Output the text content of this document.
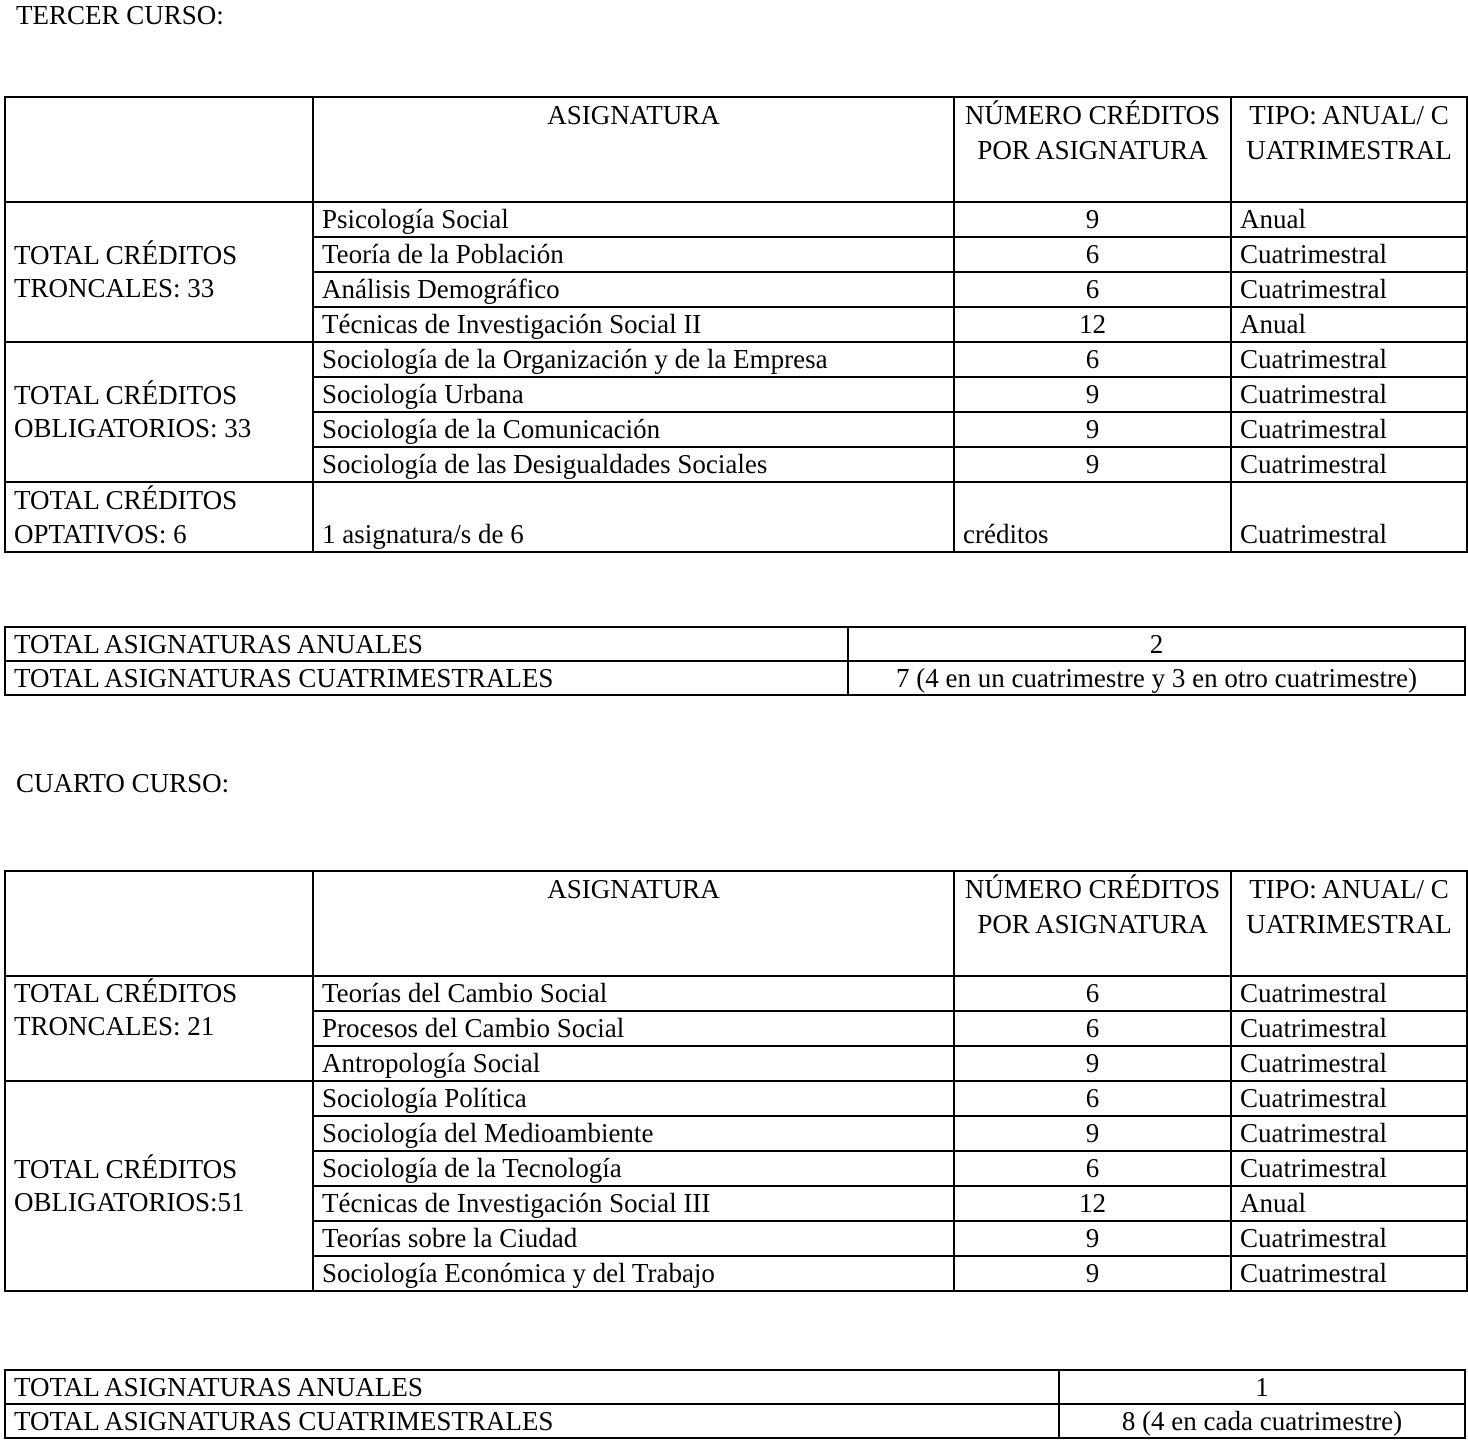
TERCER CURSO:
	ASIGNATURA	NÚMERO CRÉDITOS POR ASIGNATURA	TIPO: ANUAL/ CUATRIMESTRAL
TOTAL CRÉDITOS TRONCALES: 33	Psicología Social	9	Anual
	Teoría de la Población	6	Cuatrimestral
	Análisis Demográfico	6	Cuatrimestral
	Técnicas de Investigación Social II	12	Anual
TOTAL CRÉDITOS OBLIGATORIOS: 33	Sociología de la Organización y de la Empresa	6	Cuatrimestral
	Sociología Urbana	9	Cuatrimestral
	Sociología de la Comunicación	9	Cuatrimestral
	Sociología de las Desigualdades Sociales	9	Cuatrimestral
TOTAL CRÉDITOS OPTATIVOS: 6	1 asignatura/s de 6	créditos	Cuatrimestral
TOTAL ASIGNATURAS ANUALES	2
TOTAL ASIGNATURAS CUATRIMESTRALES	7 (4 en un cuatrimestre y 3 en otro cuatrimestre)
CUARTO CURSO:
	ASIGNATURA	NÚMERO CRÉDITOS POR ASIGNATURA	TIPO: ANUAL/ CUATRIMESTRAL
TOTAL CRÉDITOS TRONCALES: 21	Teorías del Cambio Social	6	Cuatrimestral
	Procesos del Cambio Social	6	Cuatrimestral
	Antropología Social	9	Cuatrimestral
TOTAL CRÉDITOS OBLIGATORIOS:51	Sociología Política	6	Cuatrimestral
	Sociología del Medioambiente	9	Cuatrimestral
	Sociología de la Tecnología	6	Cuatrimestral
	Técnicas de Investigación Social III	12	Anual
	Teorías sobre la Ciudad	9	Cuatrimestral
	Sociología Económica y del Trabajo	9	Cuatrimestral
TOTAL ASIGNATURAS ANUALES	1
TOTAL ASIGNATURAS CUATRIMESTRALES	8 (4 en cada cuatrimestre)
